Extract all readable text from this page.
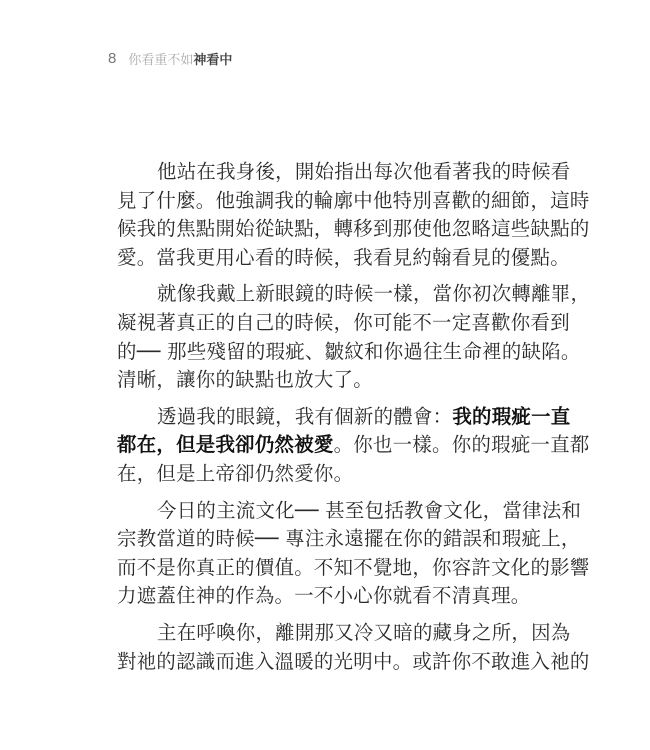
8 你看重不如 神看中
他站在我身後，開始指出每次他看著我的時候看
見了什麼。他強調我的輪廓中他特別喜歡的細節，這時
候我的焦點開始從缺點，轉移到那使他忽略這些缺點的
愛。當我更用心看的時候，我看見約翰看見的優點。
就像我戴上新眼鏡的時候一樣，當你初次轉離罪，
凝視著真正的自己的時候，你可能不一定喜歡你看到
的── 那些殘留的瑕疵、皺紋和你過往生命裡的缺陷。
清晰，讓你的缺點也放大了。
透過我的眼鏡，我有個新的體會：我的瑕疵一直
都在，但是我卻仍然被愛。你也一樣。你的瑕疵一直都
在，但是上帝卻仍然愛你。
今日的主流文化── 甚至包括教會文化，當律法和
宗教當道的時候── 專注永遠擺在你的錯誤和瑕疵上，
而不是你真正的價值。不知不覺地，你容許文化的影響
力遮蓋住神的作為。一不小心你就看不清真理。
主在呼喚你，離開那又冷又暗的藏身之所，因為
對祂的認識而進入溫暖的光明中。或許你不敢進入祂的
